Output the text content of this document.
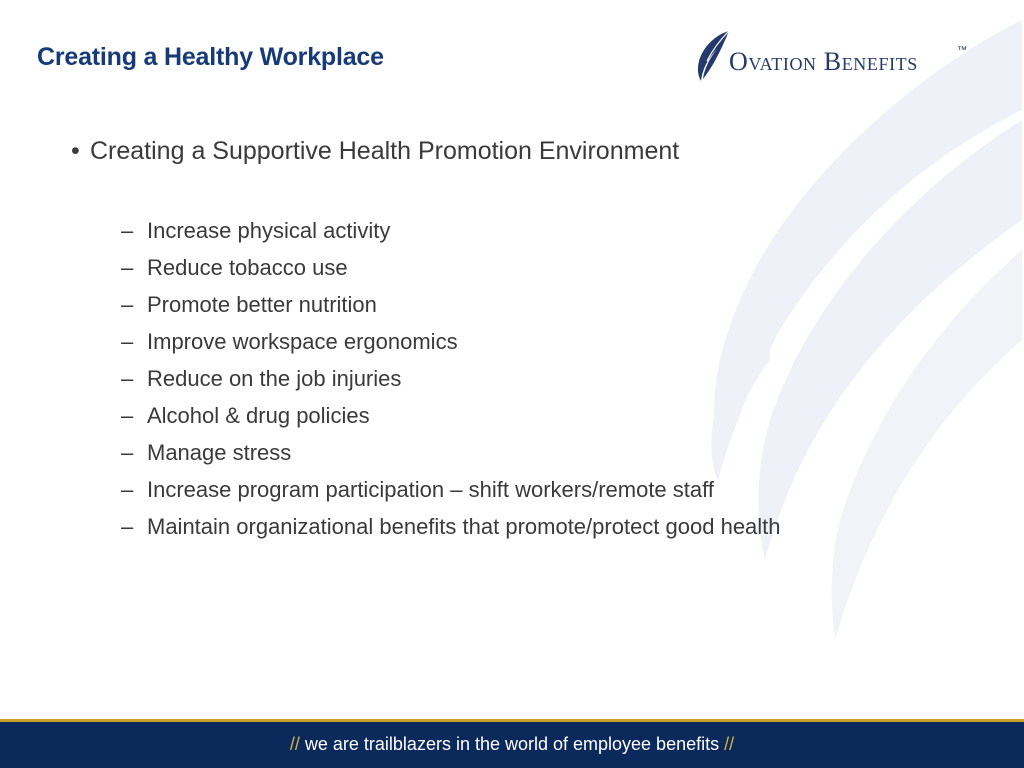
Creating a Healthy Workplace	Ovation Benefits	™

• Creating a Supportive Health Promotion Environment

– Increase physical activity
– Reduce tobacco use
– Promote better nutrition
– Improve workspace ergonomics
– Reduce on the job injuries
– Alcohol & drug policies
– Manage stress
– Increase program participation – shift workers/remote staff
– Maintain organizational benefits that promote/protect good health
// we are trailblazers in the world of employee benefits //
